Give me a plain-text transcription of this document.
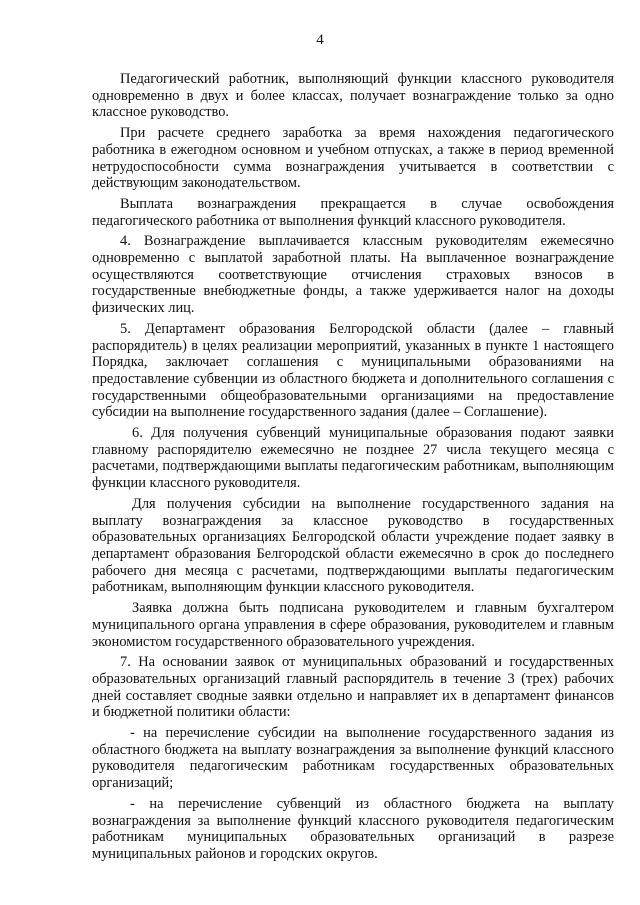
4

Педагогический работник, выполняющий функции классного руководителя одновременно в двух и более классах, получает вознаграждение только за одно классное руководство.

При расчете среднего заработка за время нахождения педагогического работника в ежегодном основном и учебном отпусках, а также в период временной нетрудоспособности сумма вознаграждения учитывается в соответствии с действующим законодательством.

Выплата вознаграждения прекращается в случае освобождения педагогического работника от выполнения функций классного руководителя.

4. Вознаграждение выплачивается классным руководителям ежемесячно одновременно с выплатой заработной платы. На выплаченное вознаграждение осуществляются соответствующие отчисления страховых взносов в государственные внебюджетные фонды, а также удерживается налог на доходы физических лиц.

5. Департамент образования Белгородской области (далее – главный распорядитель) в целях реализации мероприятий, указанных в пункте 1 настоящего Порядка, заключает соглашения с муниципальными образованиями на предоставление субвенции из областного бюджета и дополнительного соглашения с государственными общеобразовательными организациями на предоставление субсидии на выполнение государственного задания (далее – Соглашение).

6. Для получения субвенций муниципальные образования подают заявки главному распорядителю ежемесячно не позднее 27 числа текущего месяца с расчетами, подтверждающими выплаты педагогическим работникам, выполняющим функции классного руководителя.

Для получения субсидии на выполнение государственного задания на выплату вознаграждения за классное руководство в государственных образовательных организациях Белгородской области учреждение подает заявку в департамент образования Белгородской области ежемесячно в срок до последнего рабочего дня месяца с расчетами, подтверждающими выплаты педагогическим работникам, выполняющим функции классного руководителя.

Заявка должна быть подписана руководителем и главным бухгалтером муниципального органа управления в сфере образования, руководителем и главным экономистом государственного образовательного учреждения.

7. На основании заявок от муниципальных образований и государственных образовательных организаций главный распорядитель в течение 3 (трех) рабочих дней составляет сводные заявки отдельно и направляет их в департамент финансов и бюджетной политики области:

- на перечисление субсидии на выполнение государственного задания из областного бюджета на выплату вознаграждения за выполнение функций классного руководителя педагогическим работникам государственных образовательных организаций;

- на перечисление субвенций из областного бюджета на выплату вознаграждения за выполнение функций классного руководителя педагогическим работникам муниципальных образовательных организаций в разрезе муниципальных районов и городских округов.
